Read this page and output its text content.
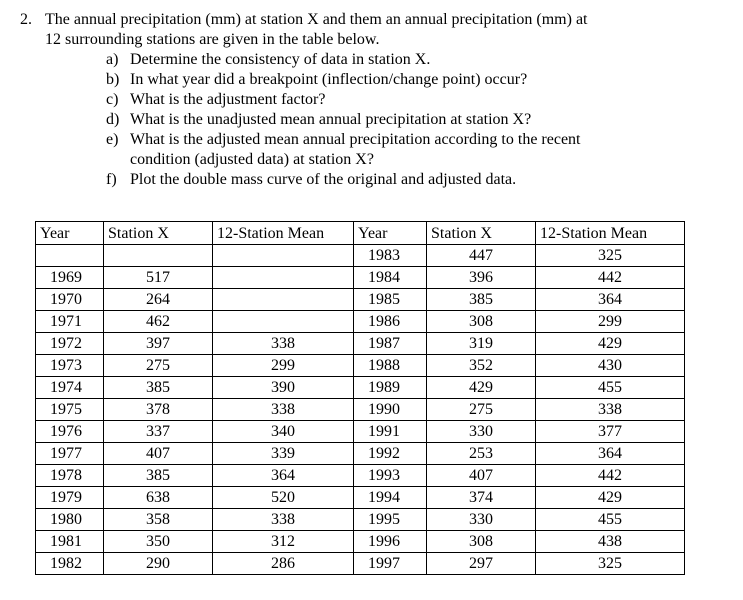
2. The annual precipitation (mm) at station X and them an annual precipitation (mm) at
12 surrounding stations are given in the table below.
a) Determine the consistency of data in station X.
b) In what year did a breakpoint (inflection/change point) occur?
c) What is the adjustment factor?
d) What is the unadjusted mean annual precipitation at station X?
e) What is the adjusted mean annual precipitation according to the recent
condition (adjusted data) at station X?
f) Plot the double mass curve of the original and adjusted data.
Year	Station X	12-Station Mean	Year	Station X	12-Station Mean
			1983	447	325
1969	517		1984	396	442
1970	264		1985	385	364
1971	462		1986	308	299
1972	397	338	1987	319	429
1973	275	299	1988	352	430
1974	385	390	1989	429	455
1975	378	338	1990	275	338
1976	337	340	1991	330	377
1977	407	339	1992	253	364
1978	385	364	1993	407	442
1979	638	520	1994	374	429
1980	358	338	1995	330	455
1981	350	312	1996	308	438
1982	290	286	1997	297	325
